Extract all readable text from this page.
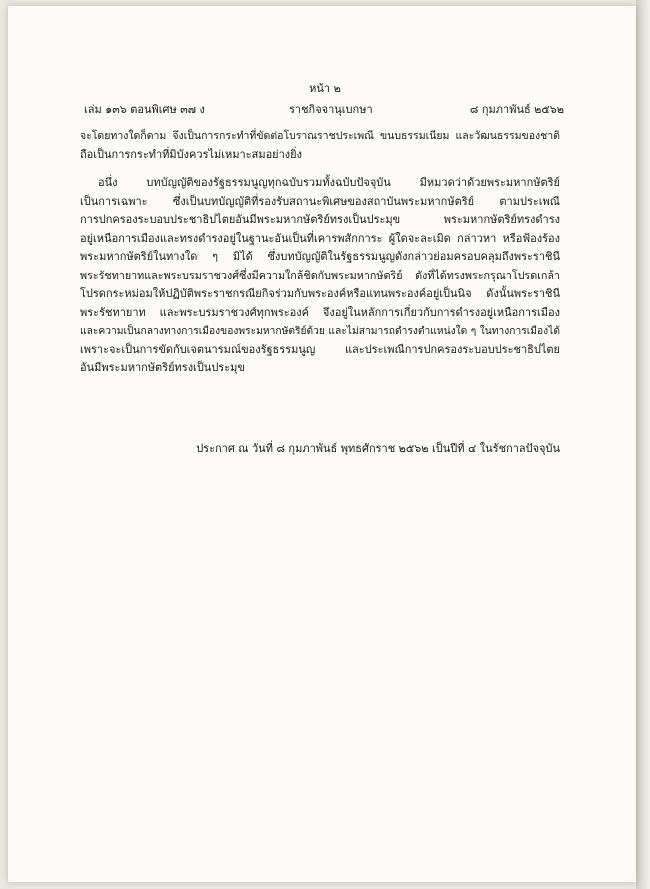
หน้า ๒
เล่ม ๑๓๖ ตอนพิเศษ ๓๗ ง	ราชกิจจานุเบกษา	๘ กุมภาพันธ์ ๒๕๖๒
จะโดยทางใดก็ตาม จึงเป็นการกระทำที่ขัดต่อโบราณราชประเพณี ขนบธรรมเนียม และวัฒนธรรมของชาติ
ถือเป็นการกระทำที่มิบังควรไม่เหมาะสมอย่างยิ่ง
อนึ่ง บทบัญญัติของรัฐธรรมนูญทุกฉบับรวมทั้งฉบับปัจจุบัน มีหมวดว่าด้วยพระมหากษัตริย์
เป็นการเฉพาะ ซึ่งเป็นบทบัญญัติที่รองรับสถานะพิเศษของสถาบันพระมหากษัตริย์ ตามประเพณี
การปกครองระบอบประชาธิปไตยอันมีพระมหากษัตริย์ทรงเป็นประมุข พระมหากษัตริย์ทรงดำรง
อยู่เหนือการเมืองและทรงดำรงอยู่ในฐานะอันเป็นที่เคารพสักการะ ผู้ใดจะละเมิด กล่าวหา หรือฟ้องร้อง
พระมหากษัตริย์ในทางใด ๆ มิได้ ซึ่งบทบัญญัติในรัฐธรรมนูญดังกล่าวย่อมครอบคลุมถึงพระราชินี
พระรัชทายาทและพระบรมราชวงศ์ซึ่งมีความใกล้ชิดกับพระมหากษัตริย์ ดังที่ได้ทรงพระกรุณาโปรดเกล้า
โปรดกระหม่อมให้ปฏิบัติพระราชกรณียกิจร่วมกับพระองค์หรือแทนพระองค์อยู่เป็นนิจ ดังนั้นพระราชินี
พระรัชทายาท และพระบรมราชวงศ์ทุกพระองค์ จึงอยู่ในหลักการเกี่ยวกับการดำรงอยู่เหนือการเมือง
และความเป็นกลางทางการเมืองของพระมหากษัตริย์ด้วย และไม่สามารถดำรงตำแหน่งใด ๆ ในทางการเมืองได้
เพราะจะเป็นการขัดกับเจตนารมณ์ของรัฐธรรมนูญ และประเพณีการปกครองระบอบประชาธิปไตย
อันมีพระมหากษัตริย์ทรงเป็นประมุข
ประกาศ ณ วันที่ ๘ กุมภาพันธ์ พุทธศักราช ๒๕๖๒ เป็นปีที่ ๔ ในรัชกาลปัจจุบัน
